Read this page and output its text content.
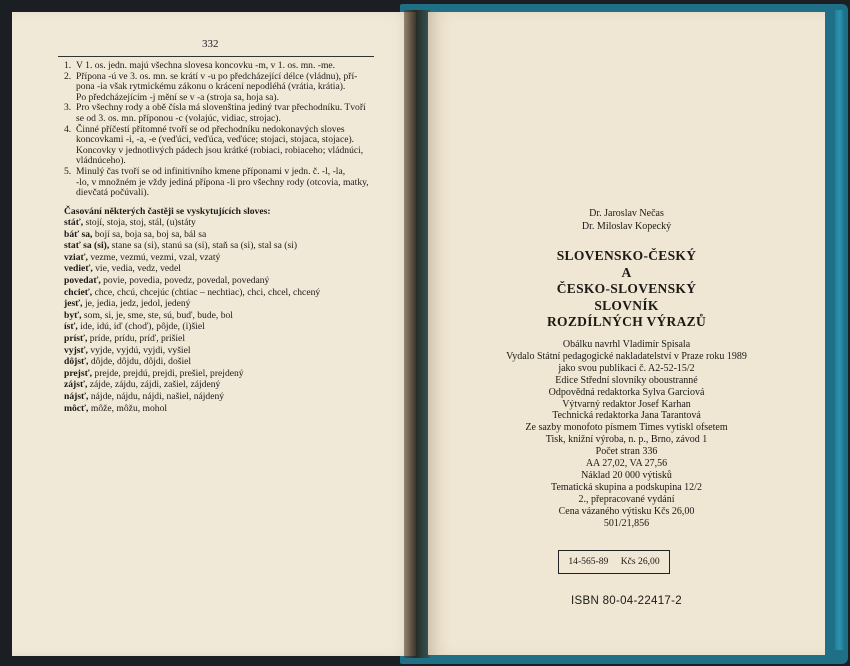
332
1. V 1. os. jedn. majú všechna slovesa koncovku -m, v 1. os. mn. -me.
2. Přípona -ú ve 3. os. mn. se krátí v -u po předcházející délce (vládnu), pří-
pona -ia však rytmickému zákonu o krácení nepodléhá (vrátia, krátia).
Po předcházejícím -j mění se v -a (stroja sa, hoja sa).
3. Pro všechny rody a obě čísla má slovenština jediný tvar přechodníku. Tvoří
se od 3. os. mn. příponou -c (volajúc, vidiac, strojac).
4. Činné příčestí přítomné tvoří se od přechodníku nedokonavých sloves
koncovkami -i, -a, -e (veďúci, veďúca, veďúce; stojaci, stojaca, stojace).
Koncovky v jednotlivých pádech jsou krátké (robiaci, robiaceho; vládnúci,
vládnúceho).
5. Minulý čas tvoří se od infinitivního kmene příponami v jedn. č. -l, -la,
-lo, v množném je vždy jediná přípona -li pro všechny rody (otcovia, matky,
dievčatá počúvali).
Časování některých častěji se vyskytujících sloves:
stáť, stojí, stoja, stoj, stál, (u)státy
báť sa, bojí sa, boja sa, boj sa, bál sa
stať sa (si), stane sa (si), stanú sa (si), staň sa (si), stal sa (si)
vziať, vezme, vezmú, vezmi, vzal, vzatý
vedieť, vie, vedia, vedz, vedel
povedať, povie, povedia, povedz, povedal, povedaný
chcieť, chce, chcú, chcejúc (chtiac – nechtiac), chci, chcel, chcený
jesť, je, jedia, jedz, jedol, jedený
byť, som, si, je, sme, ste, sú, buď, bude, bol
ísť, ide, idú, iď (choď), pôjde, (i)šiel
prísť, príde, prídu, príď, prišiel
vyjsť, vyjde, vyjdú, vyjdi, vyšiel
dôjsť, dôjde, dôjdu, dôjdi, došiel
prejsť, prejde, prejdú, prejdi, prešiel, prejdený
zájsť, zájde, zájdu, zájdi, zašiel, zájdený
nájsť, nájde, nájdu, nájdi, našiel, nájdený
môcť, môže, môžu, mohol
Dr. Jaroslav Nečas
Dr. Miloslav Kopecký
SLOVENSKO-ČESKÝ
A
ČESKO-SLOVENSKÝ
SLOVNÍK
ROZDÍLNÝCH VÝRAZŮ
Obálku navrhl Vladimír Spisala
Vydalo Státní pedagogické nakladatelství v Praze roku 1989
jako svou publikaci č. A2-52-15/2
Edice Střední slovníky oboustranné
Odpovědná redaktorka Sylva Garciová
Výtvarný redaktor Josef Karhan
Technická redaktorka Jana Tarantová
Ze sazby monofoto písmem Times vytiskl ofsetem
Tisk, knižní výroba, n. p., Brno, závod 1
Počet stran 336
AA 27,02, VA 27,56
Náklad 20 000 výtisků
Tematická skupina a podskupina 12/2
2., přepracované vydání
Cena vázaného výtisku Kčs 26,00
501/21,856
14-565-89 Kčs 26,00
ISBN 80-04-22417-2
